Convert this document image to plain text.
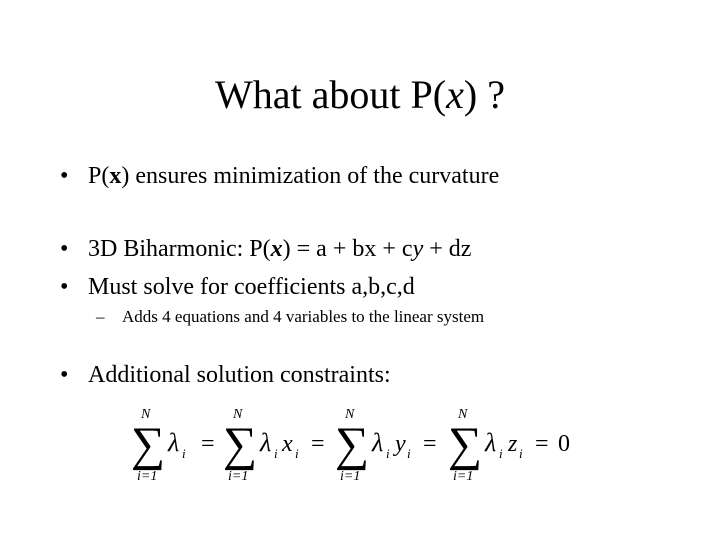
What about P(x) ?
• P(x) ensures minimization of the curvature
• 3D Biharmonic: P(x) = a + bx + cy + dz
• Must solve for coefficients a,b,c,d
– Adds 4 equations and 4 variables to the linear system
• Additional solution constraints:
N
∑
i=1
λ i =
N
∑
i=1
λ i x i =
N
∑
i=1
λ i y i =
N
∑
i=1
λ i z i = 0
